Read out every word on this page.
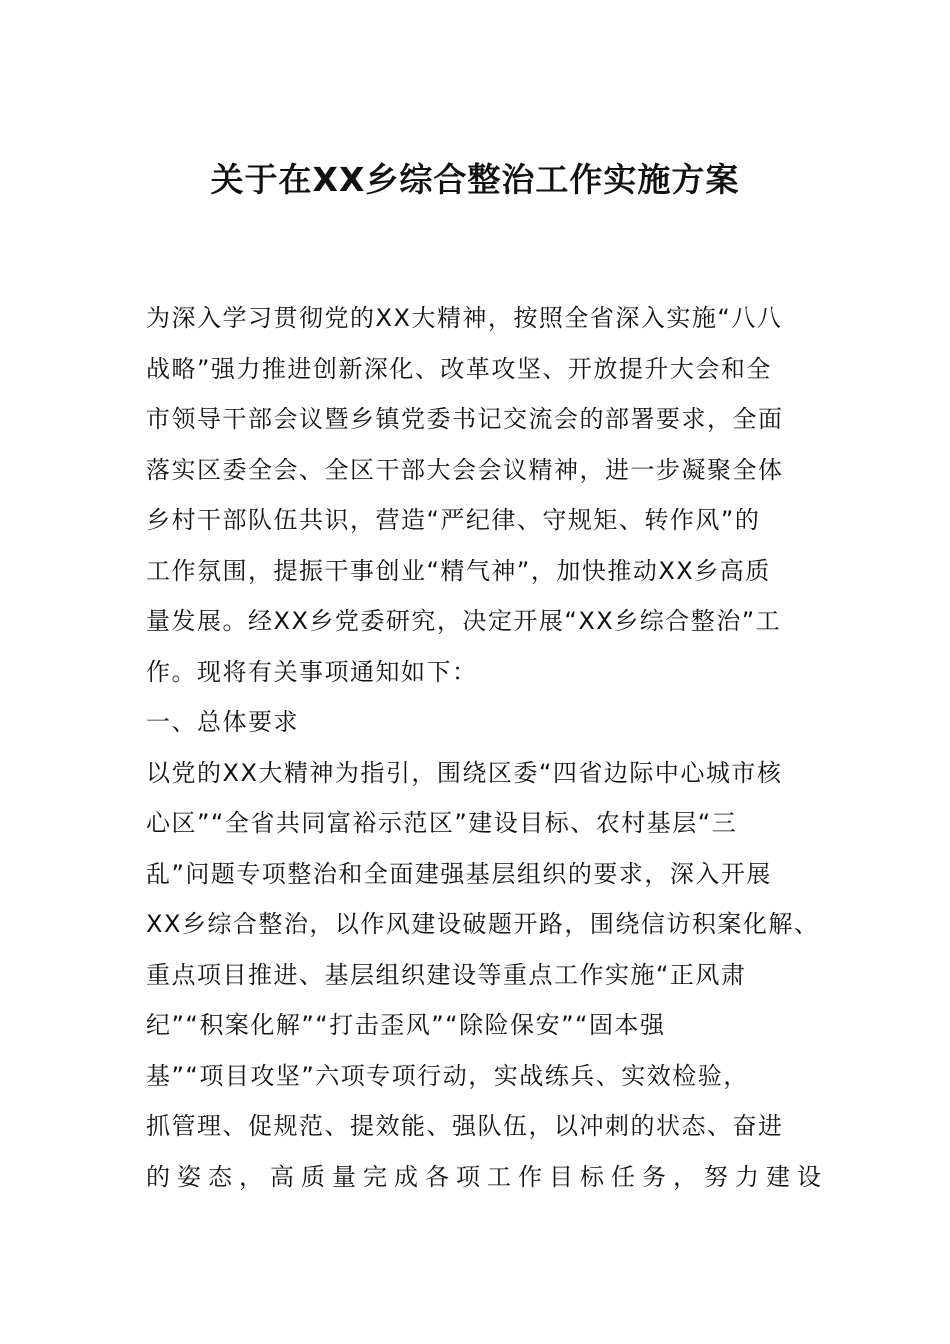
关于在XX乡综合整治工作实施方案
为深入学习贯彻党的XX大精神，按照全省深入实施“八八
战略”强力推进创新深化、改革攻坚、开放提升大会和全
市领导干部会议暨乡镇党委书记交流会的部署要求，全面
落实区委全会、全区干部大会会议精神，进一步凝聚全体
乡村干部队伍共识，营造“严纪律、守规矩、转作风”的
工作氛围，提振干事创业“精气神”，加快推动XX乡高质
量发展。经XX乡党委研究，决定开展“XX乡综合整治”工
作。现将有关事项通知如下：
一、总体要求
以党的XX大精神为指引，围绕区委“四省边际中心城市核
心区”“全省共同富裕示范区”建设目标、农村基层“三
乱”问题专项整治和全面建强基层组织的要求，深入开展
XX乡综合整治，以作风建设破题开路，围绕信访积案化解、
重点项目推进、基层组织建设等重点工作实施“正风肃
纪”“积案化解”“打击歪风”“除险保安”“固本强
基”“项目攻坚”六项专项行动，实战练兵、实效检验，
抓管理、促规范、提效能、强队伍，以冲刺的状态、奋进
的姿态，高质量完成各项工作目标任务，努力建设
